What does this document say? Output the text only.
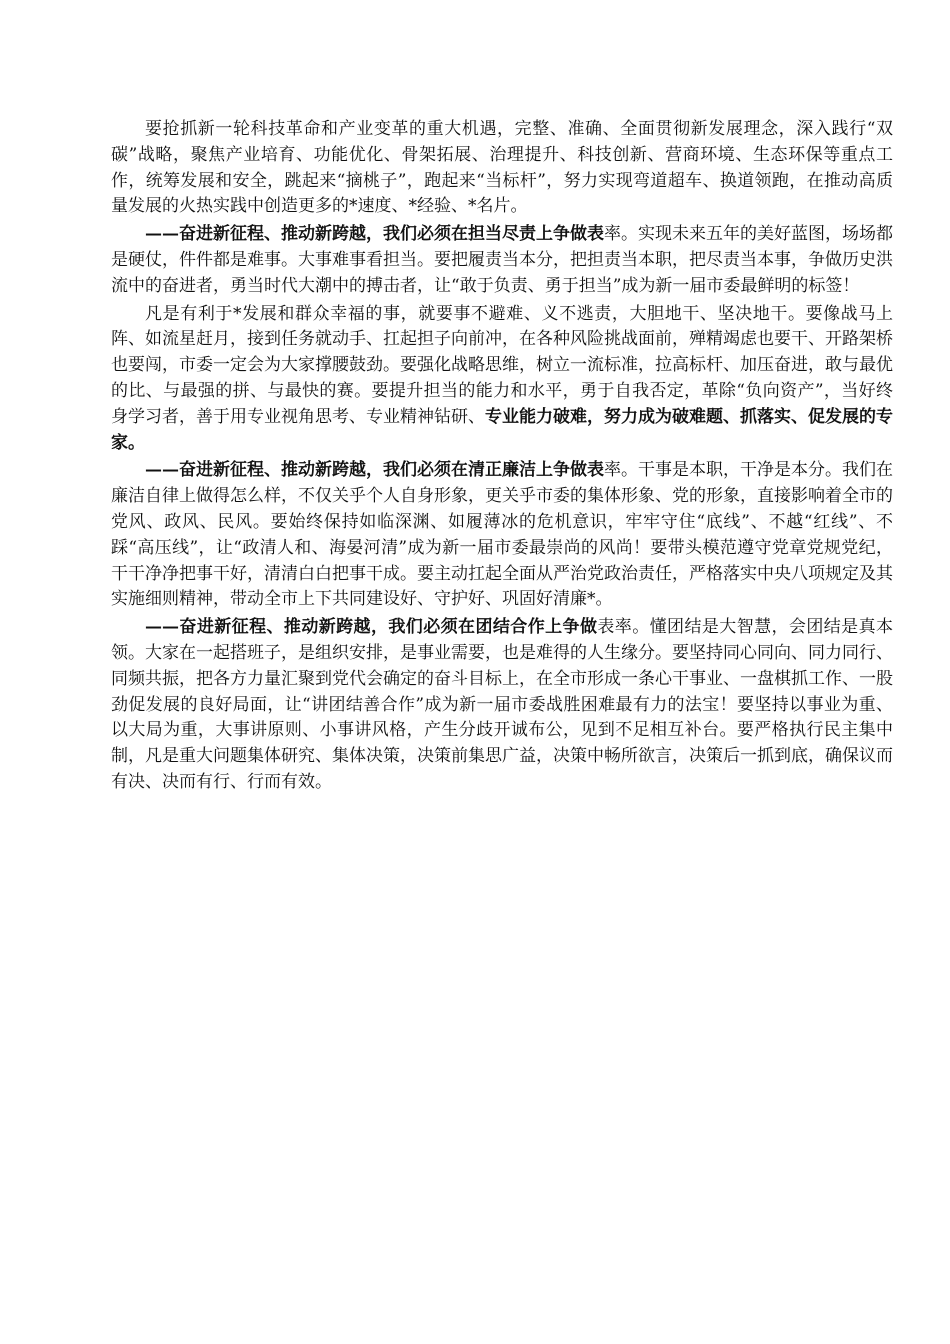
要抢抓新一轮科技革命和产业变革的重大机遇，完整、准确、全面贯彻新发展理念，深入践行“双碳”战略，聚焦产业培育、功能优化、骨架拓展、治理提升、科技创新、营商环境、生态环保等重点工作，统筹发展和安全，跳起来“摘桃子”，跑起来“当标杆”，努力实现弯道超车、换道领跑，在推动高质量发展的火热实践中创造更多的*速度、*经验、*名片。

——奋进新征程、推动新跨越，我们必须在担当尽责上争做表率。实现未来五年的美好蓝图，场场都是硬仗，件件都是难事。大事难事看担当。要把履责当本分，把担责当本职，把尽责当本事，争做历史洪流中的奋进者，勇当时代大潮中的搏击者，让“敢于负责、勇于担当”成为新一届市委最鲜明的标签！

凡是有利于*发展和群众幸福的事，就要事不避难、义不逃责，大胆地干、坚决地干。要像战马上阵、如流星赶月，接到任务就动手、扛起担子向前冲，在各种风险挑战面前，殚精竭虑也要干、开路架桥也要闯，市委一定会为大家撑腰鼓劲。要强化战略思维，树立一流标准，拉高标杆、加压奋进，敢与最优的比、与最强的拼、与最快的赛。要提升担当的能力和水平，勇于自我否定，革除“负向资产”，当好终身学习者，善于用专业视角思考、专业精神钻研、专业能力破难，努力成为破难题、抓落实、促发展的专家。

——奋进新征程、推动新跨越，我们必须在清正廉洁上争做表率。干事是本职，干净是本分。我们在廉洁自律上做得怎么样，不仅关乎个人自身形象，更关乎市委的集体形象、党的形象，直接影响着全市的党风、政风、民风。要始终保持如临深渊、如履薄冰的危机意识，牢牢守住“底线”、不越“红线”、不踩“高压线”，让“政清人和、海晏河清”成为新一届市委最崇尚的风尚！要带头模范遵守党章党规党纪，干干净净把事干好，清清白白把事干成。要主动扛起全面从严治党政治责任，严格落实中央八项规定及其实施细则精神，带动全市上下共同建设好、守护好、巩固好清廉*。

——奋进新征程、推动新跨越，我们必须在团结合作上争做表率。懂团结是大智慧，会团结是真本领。大家在一起搭班子，是组织安排，是事业需要，也是难得的人生缘分。要坚持同心同向、同力同行、同频共振，把各方力量汇聚到党代会确定的奋斗目标上，在全市形成一条心干事业、一盘棋抓工作、一股劲促发展的良好局面，让“讲团结善合作”成为新一届市委战胜困难最有力的法宝！要坚持以事业为重、以大局为重，大事讲原则、小事讲风格，产生分歧开诚布公，见到不足相互补台。要严格执行民主集中制，凡是重大问题集体研究、集体决策，决策前集思广益，决策中畅所欲言，决策后一抓到底，确保议而有决、决而有行、行而有效。
